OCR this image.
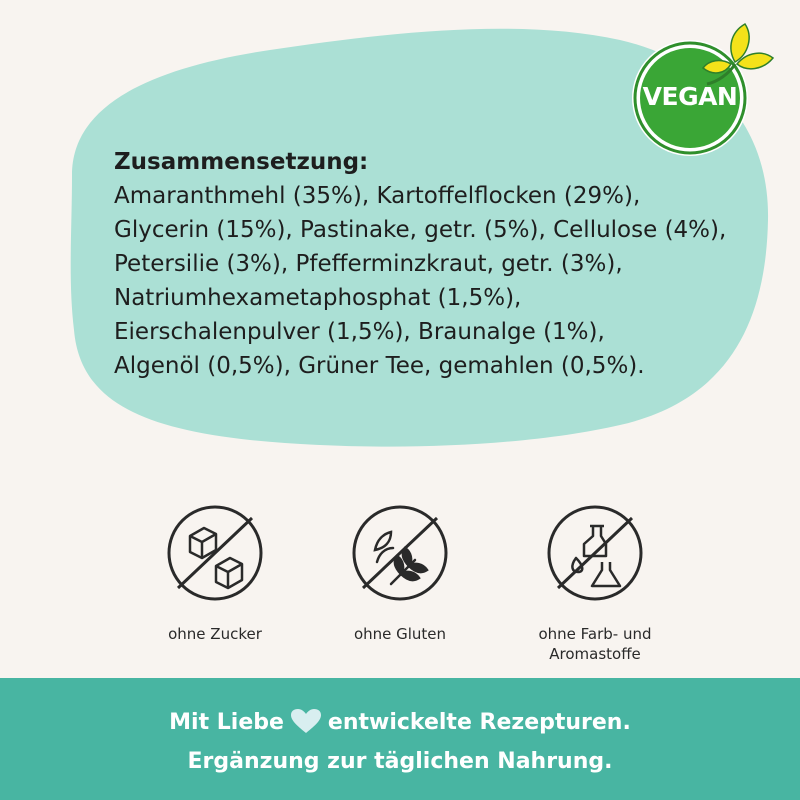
VEGAN
Zusammensetzung:
Amaranthmehl (35%), Kartoffelflocken (29%),
Glycerin (15%), Pastinake, getr. (5%), Cellulose (4%),
Petersilie (3%), Pfefferminzkraut, getr. (3%),
Natriumhexametaphosphat (1,5%),
Eierschalenpulver (1,5%), Braunalge (1%),
Algenöl (0,5%), Grüner Tee, gemahlen (0,5%).
ohne Zucker	ohne Gluten	ohne Farb- und
Aromastoffe
Mit Liebe entwickelte Rezepturen.
Ergänzung zur täglichen Nahrung.
